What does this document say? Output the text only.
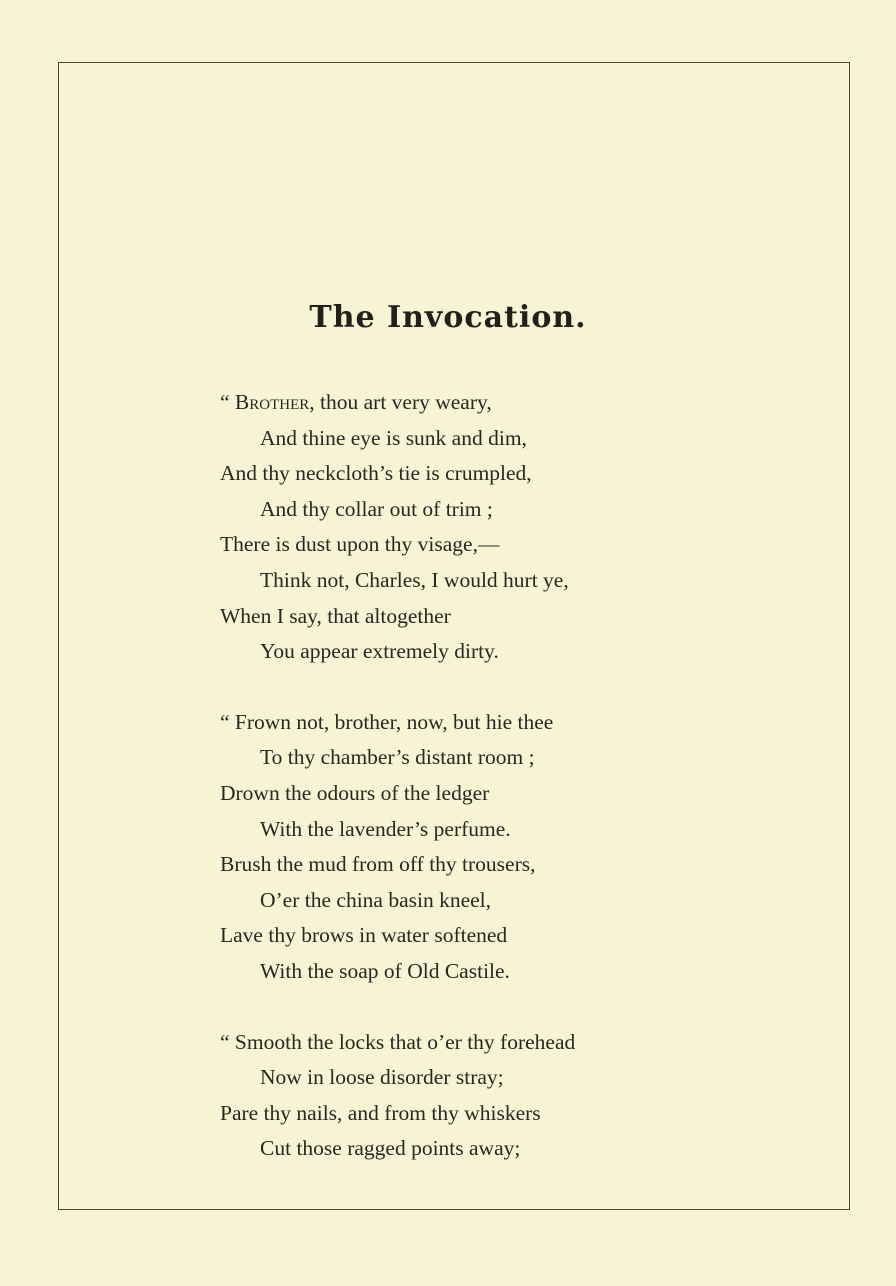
The Invocation.
“ Brother, thou art very weary,
And thine eye is sunk and dim,
And thy neckcloth’s tie is crumpled,
And thy collar out of trim ;
There is dust upon thy visage,—
Think not, Charles, I would hurt ye,
When I say, that altogether
You appear extremely dirty.
“ Frown not, brother, now, but hie thee
To thy chamber’s distant room ;
Drown the odours of the ledger
With the lavender’s perfume.
Brush the mud from off thy trousers,
O’er the china basin kneel,
Lave thy brows in water softened
With the soap of Old Castile.
“ Smooth the locks that o’er thy forehead
Now in loose disorder stray;
Pare thy nails, and from thy whiskers
Cut those ragged points away;
